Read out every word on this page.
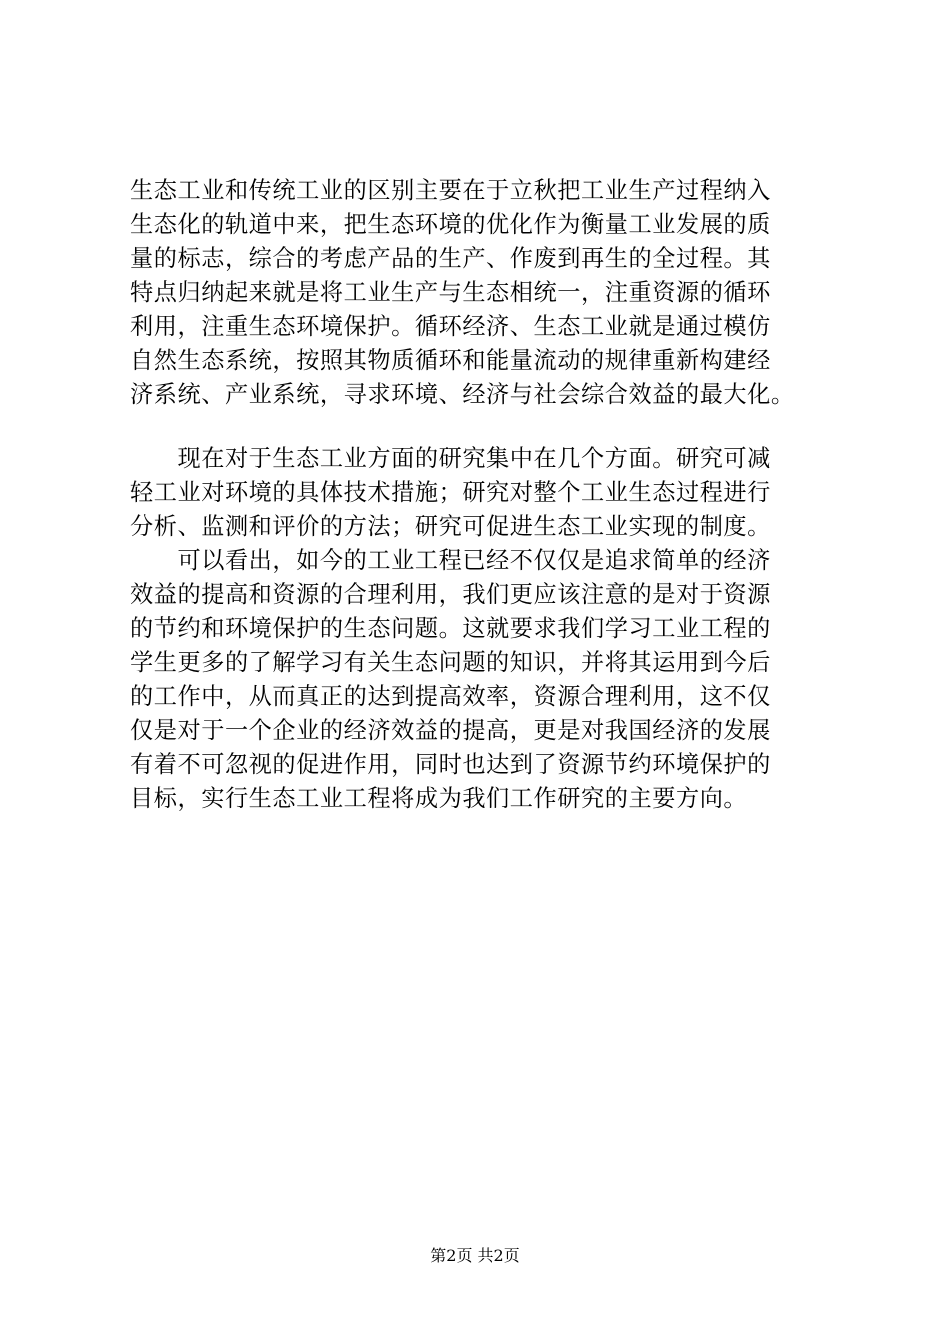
生态工业和传统工业的区别主要在于立秋把工业生产过程纳入
生态化的轨道中来，把生态环境的优化作为衡量工业发展的质
量的标志，综合的考虑产品的生产、作废到再生的全过程。其
特点归纳起来就是将工业生产与生态相统一，注重资源的循环
利用，注重生态环境保护。循环经济、生态工业就是通过模仿
自然生态系统，按照其物质循环和能量流动的规律重新构建经
济系统、产业系统，寻求环境、经济与社会综合效益的最大化。
　　现在对于生态工业方面的研究集中在几个方面。研究可减
轻工业对环境的具体技术措施；研究对整个工业生态过程进行
分析、监测和评价的方法；研究可促进生态工业实现的制度。
　　可以看出，如今的工业工程已经不仅仅是追求简单的经济
效益的提高和资源的合理利用，我们更应该注意的是对于资源
的节约和环境保护的生态问题。这就要求我们学习工业工程的
学生更多的了解学习有关生态问题的知识，并将其运用到今后
的工作中，从而真正的达到提高效率，资源合理利用，这不仅
仅是对于一个企业的经济效益的提高，更是对我国经济的发展
有着不可忽视的促进作用，同时也达到了资源节约环境保护的
目标，实行生态工业工程将成为我们工作研究的主要方向。
第2页 共2页
